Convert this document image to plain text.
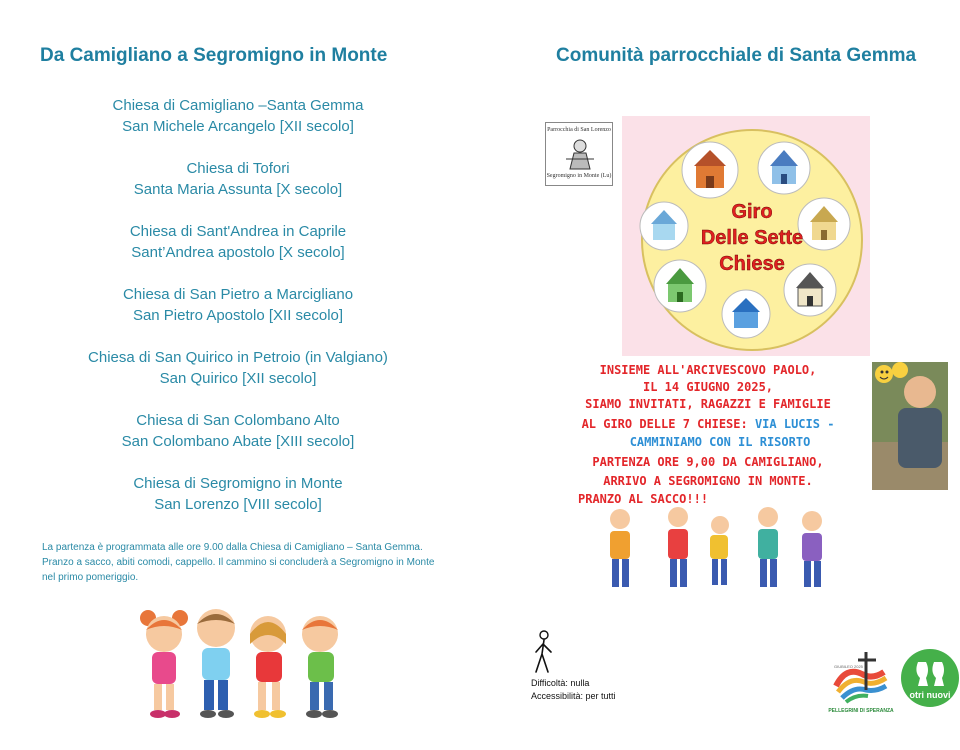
Da Camigliano a Segromigno in Monte
Chiesa di Camigliano –Santa Gemma
San Michele Arcangelo [XII secolo]
Chiesa di Tofori
Santa Maria Assunta [X secolo]
Chiesa di Sant'Andrea in Caprile
Sant’Andrea apostolo [X secolo]
Chiesa di San Pietro a Marcigliano
San Pietro Apostolo [XII secolo]
Chiesa di San Quirico in Petroio (in Valgiano)
San Quirico [XII secolo]
Chiesa di San Colombano Alto
San Colombano Abate [XIII secolo]
Chiesa di Segromigno in Monte
San Lorenzo [VIII secolo]
La partenza è programmata alle ore 9.00 dalla Chiesa di Camigliano – Santa Gemma. Pranzo a sacco, abiti comodi, cappello. Il cammino si concluderà a Segromigno in Monte nel primo pomeriggio.
Comunità parrocchiale di Santa Gemma
Parrocchia di San Lorenzo
Segromigno in Monte (Lu)
Giro
Delle Sette
Chiese
INSIEME ALL'ARCIVESCOVO PAOLO,
IL 14 GIUGNO 2025,
SIAMO INVITATI, RAGAZZI E FAMIGLIE
AL GIRO DELLE 7 CHIESE: VIA LUCIS -
CAMMINIAMO CON IL RISORTO
PARTENZA ORE 9,00 DA CAMIGLIANO,
ARRIVO A SEGROMIGNO IN MONTE.
PRANZO AL SACCO!!!
Difficoltà: nulla
Accessibilità: per tutti
GIUBILEO 2025
PELLEGRINI DI SPERANZA
otri nuovi
